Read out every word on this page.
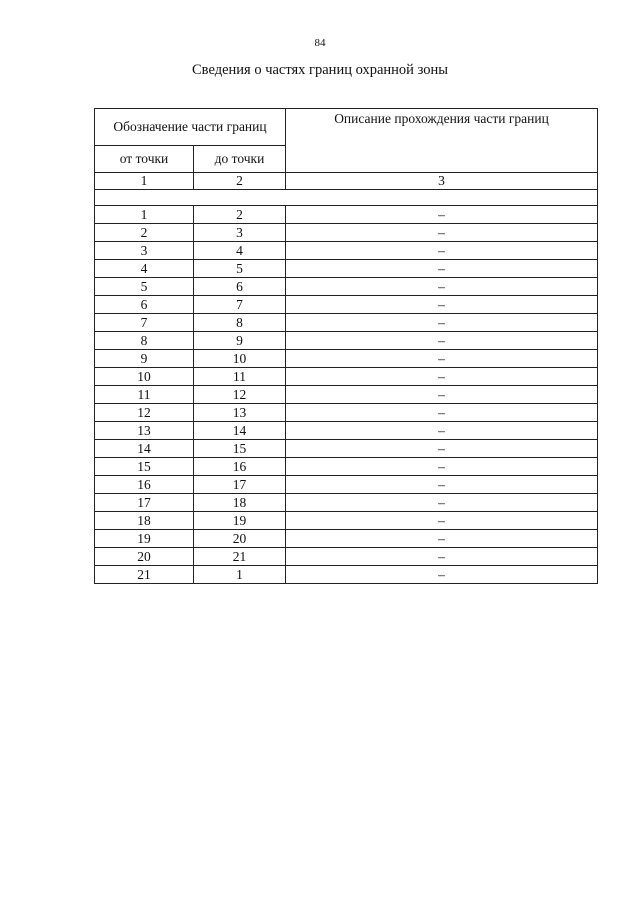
84
Сведения о частях границ охранной зоны
Обозначение части границ		Описание прохождения части границ
от точки	до точки	
1	2	3

1	2	–
2	3	–
3	4	–
4	5	–
5	6	–
6	7	–
7	8	–
8	9	–
9	10	–
10	11	–
11	12	–
12	13	–
13	14	–
14	15	–
15	16	–
16	17	–
17	18	–
18	19	–
19	20	–
20	21	–
21	1	–
